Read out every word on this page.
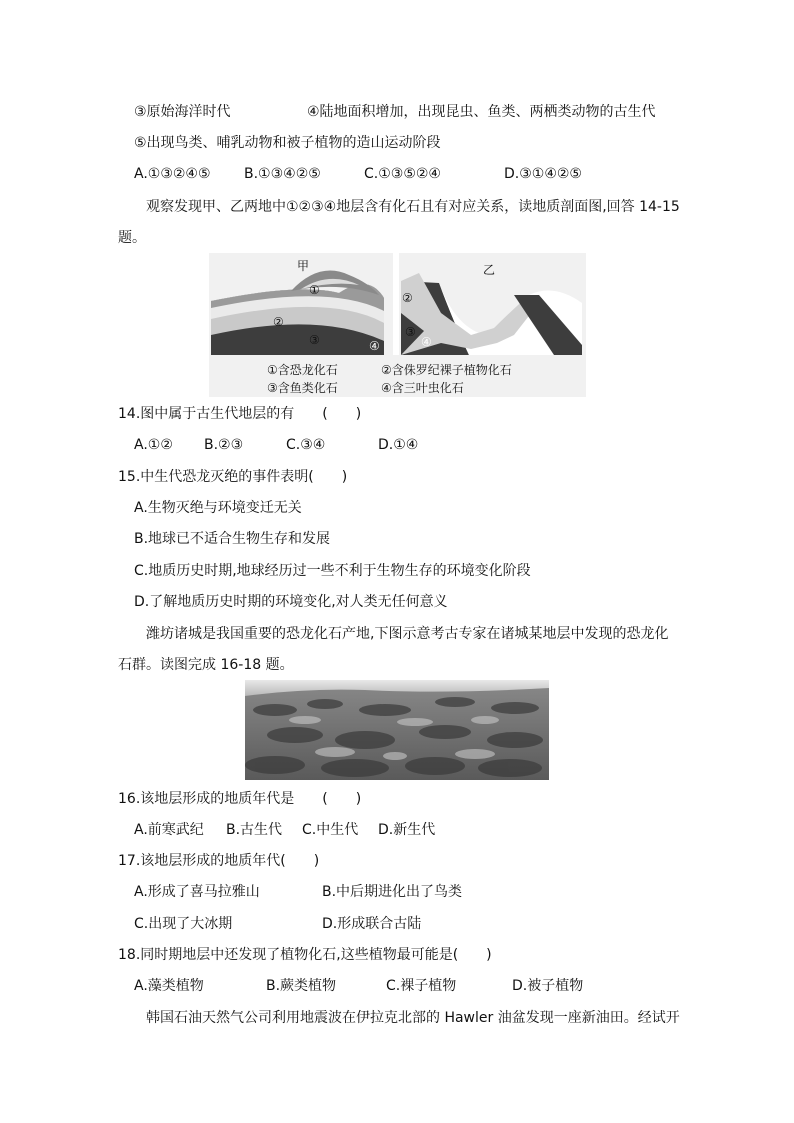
③原始海洋时代	④陆地面积增加，出现昆虫、鱼类、两栖类动物的古生代
⑤出现鸟类、哺乳动物和被子植物的造山运动阶段
A.①③②④⑤ B.①③④②⑤	C.①③⑤②④	D.③①④②⑤
观察发现甲、乙两地中①②③④地层含有化石且有对应关系，读地质剖面图,回答 14-15
题。
甲	乙
①
②
③	④
②
③
④
①含恐龙化石	②含侏罗纪裸子植物化石
③含鱼类化石	④含三叶虫化石
14.图中属于古生代地层的有　　(　　)
A.①② B.②③	C.③④	D.①④
15.中生代恐龙灭绝的事件表明(　　)
A.生物灭绝与环境变迁无关
B.地球已不适合生物生存和发展
C.地质历史时期,地球经历过一些不利于生物生存的环境变化阶段
D.了解地质历史时期的环境变化,对人类无任何意义
潍坊诸城是我国重要的恐龙化石产地,下图示意考古专家在诸城某地层中发现的恐龙化
石群。读图完成 16-18 题。
16.该地层形成的地质年代是　　(　　)
A.前寒武纪 B.古生代 C.中生代 D.新生代
17.该地层形成的地质年代(　　)
A.形成了喜马拉雅山	B.中后期进化出了鸟类
C.出现了大冰期	D.形成联合古陆
18.同时期地层中还发现了植物化石,这些植物最可能是(　　)
A.藻类植物	B.蕨类植物	C.裸子植物	D.被子植物
韩国石油天然气公司利用地震波在伊拉克北部的 Hawler 油盆发现一座新油田。经试开
